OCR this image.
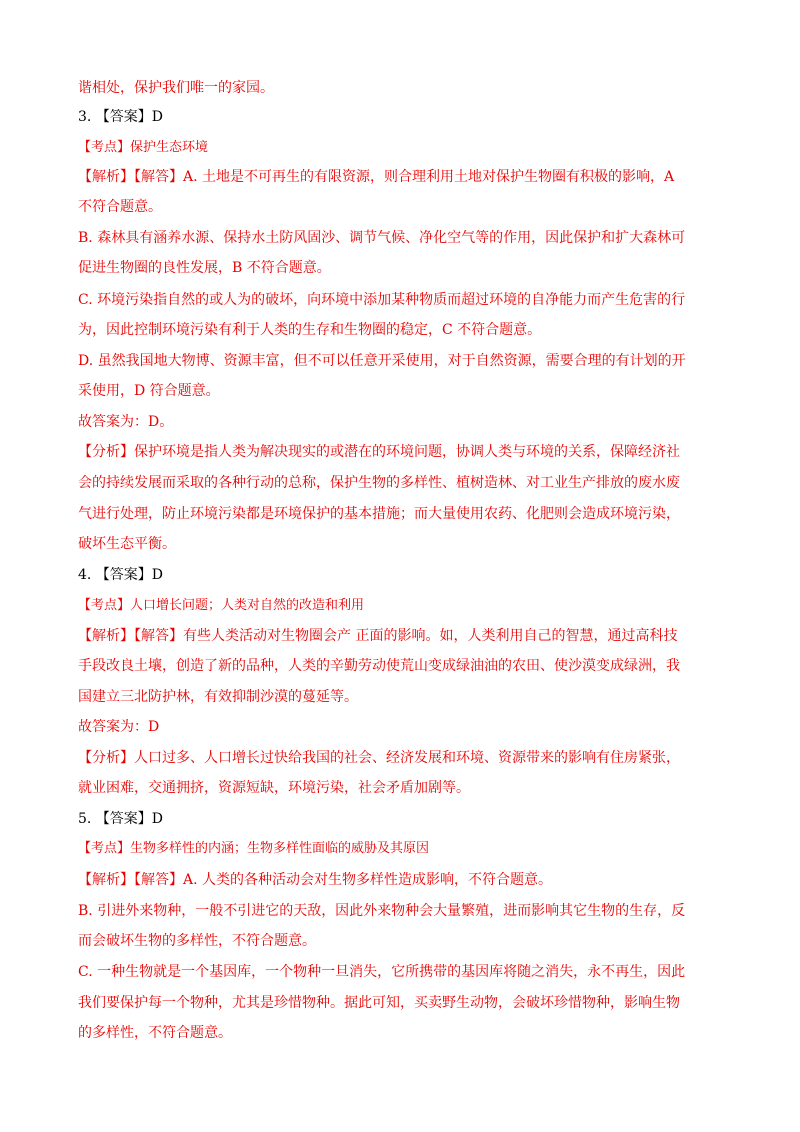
谐相处，保护我们唯一的家园。
3. 【答案】D
【考点】保护生态环境
【解析】【解答】A. 土地是不可再生的有限资源，则合理利用土地对保护生物圈有积极的影响，A
不符合题意。
B. 森林具有涵养水源、保持水土防风固沙、调节气候、净化空气等的作用，因此保护和扩大森林可
促进生物圈的良性发展，B 不符合题意。
C. 环境污染指自然的或人为的破坏，向环境中添加某种物质而超过环境的自净能力而产生危害的行
为，因此控制环境污染有利于人类的生存和生物圈的稳定，C 不符合题意。
D. 虽然我国地大物博、资源丰富，但不可以任意开采使用，对于自然资源，需要合理的有计划的开
采使用，D 符合题意。
故答案为：D。
【分析】保护环境是指人类为解决现实的或潜在的环境问题，协调人类与环境的关系，保障经济社
会的持续发展而采取的各种行动的总称，保护生物的多样性、植树造林、对工业生产排放的废水废
气进行处理，防止环境污染都是环境保护的基本措施；而大量使用农药、化肥则会造成环境污染，
破坏生态平衡。
4. 【答案】D
【考点】人口增长问题；人类对自然的改造和利用
【解析】【解答】有些人类活动对生物圈会产 正面的影响。如，人类利用自己的智慧，通过高科技
手段改良土壤，创造了新的品种，人类的辛勤劳动使荒山变成绿油油的农田、使沙漠变成绿洲，我
国建立三北防护林，有效抑制沙漠的蔓延等。
故答案为：D
【分析】人口过多、人口增长过快给我国的社会、经济发展和环境、资源带来的影响有住房紧张，
就业困难，交通拥挤，资源短缺，环境污染，社会矛盾加剧等。
5. 【答案】D
【考点】生物多样性的内涵；生物多样性面临的威胁及其原因
【解析】【解答】A. 人类的各种活动会对生物多样性造成影响，不符合题意。
B. 引进外来物种，一般不引进它的天敌，因此外来物种会大量繁殖，进而影响其它生物的生存，反
而会破坏生物的多样性，不符合题意。
C. 一种生物就是一个基因库，一个物种一旦消失，它所携带的基因库将随之消失，永不再生，因此
我们要保护每一个物种，尤其是珍惜物种。据此可知，买卖野生动物，会破坏珍惜物种，影响生物
的多样性，不符合题意。
